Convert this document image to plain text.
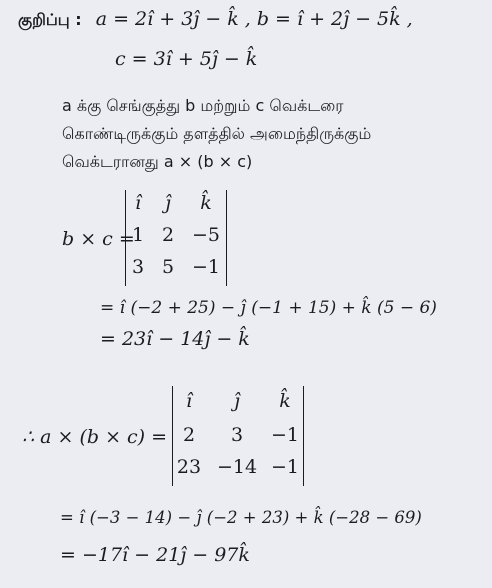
குறிப்பு : a = 2î + 3ĵ − k̂ , b = î + 2ĵ − 5k̂ ,
c = 3î + 5ĵ − k̂
a க்கு செங்குத்து b மற்றும் c வெக்டரை
கொண்டிருக்கும் தளத்தில் அமைந்திருக்கும்
வெக்டரானது a × (b × c)
b × c =
î	ĵ	k̂
1 2 −5
3 5 −1
= î (−2 + 25) − ĵ (−1 + 15) + k̂ (5 − 6)
= 23î − 14ĵ − k̂
∴ a × (b × c) =
î	ĵ	k̂
2	3	−1
23 −14 −1
= î (−3 − 14) − ĵ (−2 + 23) + k̂ (−28 − 69)
= −17î − 21ĵ − 97k̂
